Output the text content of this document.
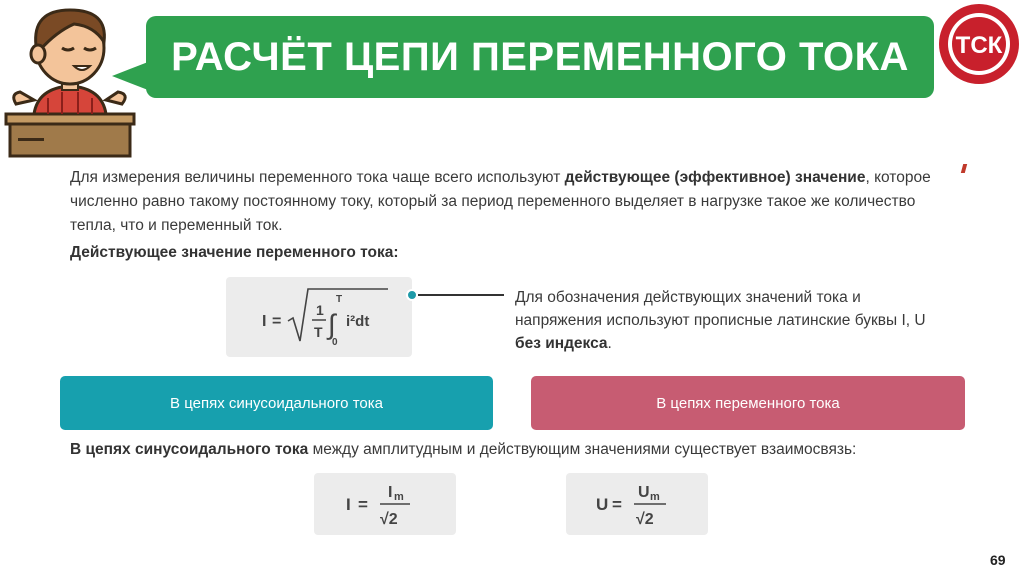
РАСЧЁТ ЦЕПИ ПЕРЕМЕННОГО ТОКА ТСК
Для измерения величины переменного тока чаще всего используют действующее (эффективное) значение, которое численно равно такому постоянному току, который за период переменного выделяет в нагрузке такое же количество тепла, что и переменный ток.
Действующее значение переменного тока:
I =
1
T ∫
T
0
i²dt
Для обозначения действующих значений тока и напряжения используют прописные латинские буквы I, U без индекса.
В цепях синусоидального тока	В цепях переменного тока
В цепях синусоидального тока между амплитудным и действующим значениями существует взаимосвязь:
I =
I m
√2
U =
U m
√2
69
